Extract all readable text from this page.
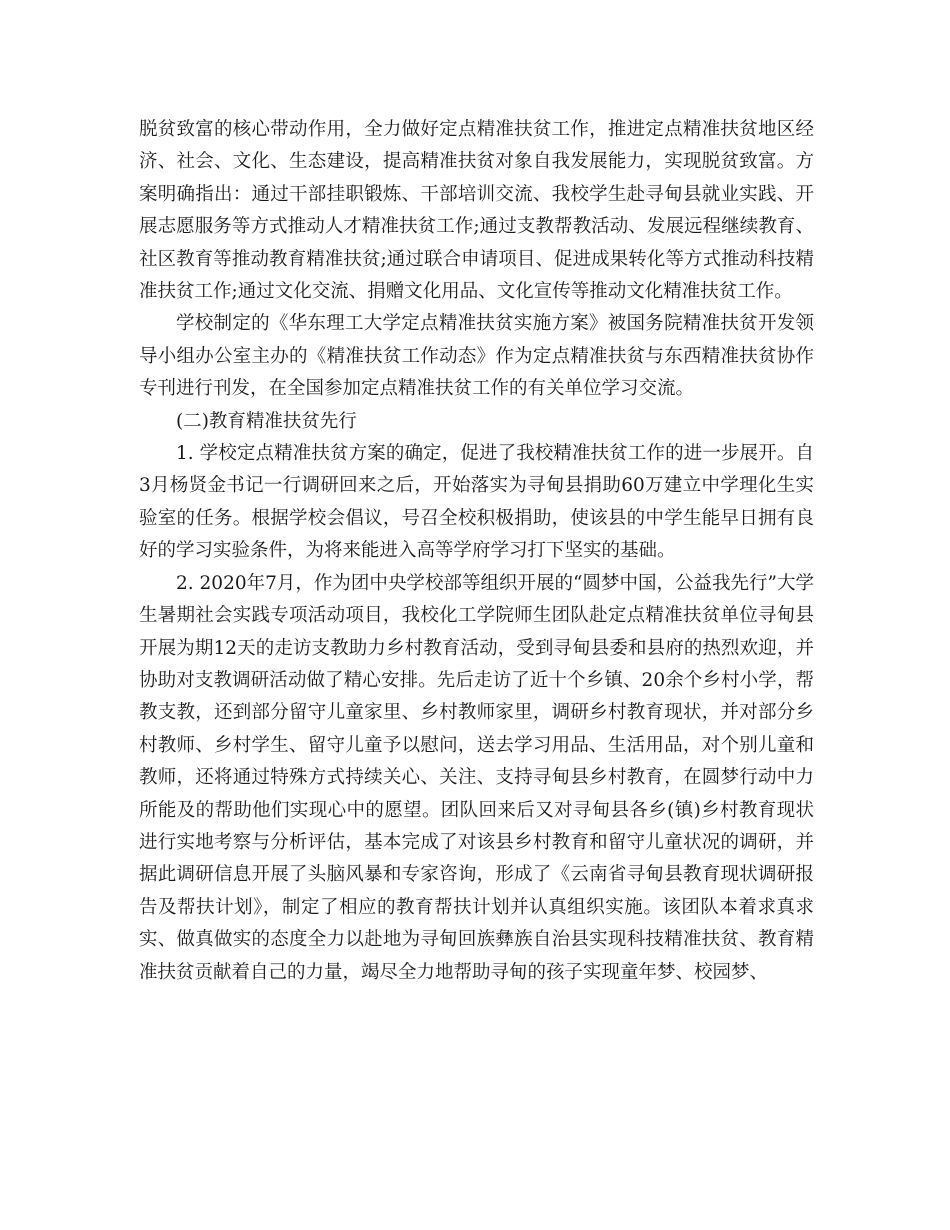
脱贫致富的核心带动作用，全力做好定点精准扶贫工作，推进定点精准扶贫地区经济、社会、文化、生态建设，提高精准扶贫对象自我发展能力，实现脱贫致富。方案明确指出：通过干部挂职锻炼、干部培训交流、我校学生赴寻甸县就业实践、开展志愿服务等方式推动人才精准扶贫工作;通过支教帮教活动、发展远程继续教育、社区教育等推动教育精准扶贫;通过联合申请项目、促进成果转化等方式推动科技精准扶贫工作;通过文化交流、捐赠文化用品、文化宣传等推动文化精准扶贫工作。

学校制定的《华东理工大学定点精准扶贫实施方案》被国务院精准扶贫开发领导小组办公室主办的《精准扶贫工作动态》作为定点精准扶贫与东西精准扶贫协作专刊进行刊发，在全国参加定点精准扶贫工作的有关单位学习交流。

(二)教育精准扶贫先行

1. 学校定点精准扶贫方案的确定，促进了我校精准扶贫工作的进一步展开。自3月杨贤金书记一行调研回来之后，开始落实为寻甸县捐助60万建立中学理化生实验室的任务。根据学校会倡议，号召全校积极捐助，使该县的中学生能早日拥有良好的学习实验条件，为将来能进入高等学府学习打下坚实的基础。

2. 2020年7月，作为团中央学校部等组织开展的“圆梦中国，公益我先行”大学生暑期社会实践专项活动项目，我校化工学院师生团队赴定点精准扶贫单位寻甸县开展为期12天的走访支教助力乡村教育活动，受到寻甸县委和县府的热烈欢迎，并协助对支教调研活动做了精心安排。先后走访了近十个乡镇、20余个乡村小学，帮教支教，还到部分留守儿童家里、乡村教师家里，调研乡村教育现状，并对部分乡村教师、乡村学生、留守儿童予以慰问，送去学习用品、生活用品，对个别儿童和教师，还将通过特殊方式持续关心、关注、支持寻甸县乡村教育，在圆梦行动中力所能及的帮助他们实现心中的愿望。团队回来后又对寻甸县各乡(镇)乡村教育现状进行实地考察与分析评估，基本完成了对该县乡村教育和留守儿童状况的调研，并据此调研信息开展了头脑风暴和专家咨询，形成了《云南省寻甸县教育现状调研报告及帮扶计划》，制定了相应的教育帮扶计划并认真组织实施。该团队本着求真求实、做真做实的态度全力以赴地为寻甸回族彝族自治县实现科技精准扶贫、教育精准扶贫贡献着自己的力量，竭尽全力地帮助寻甸的孩子实现童年梦、校园梦、
